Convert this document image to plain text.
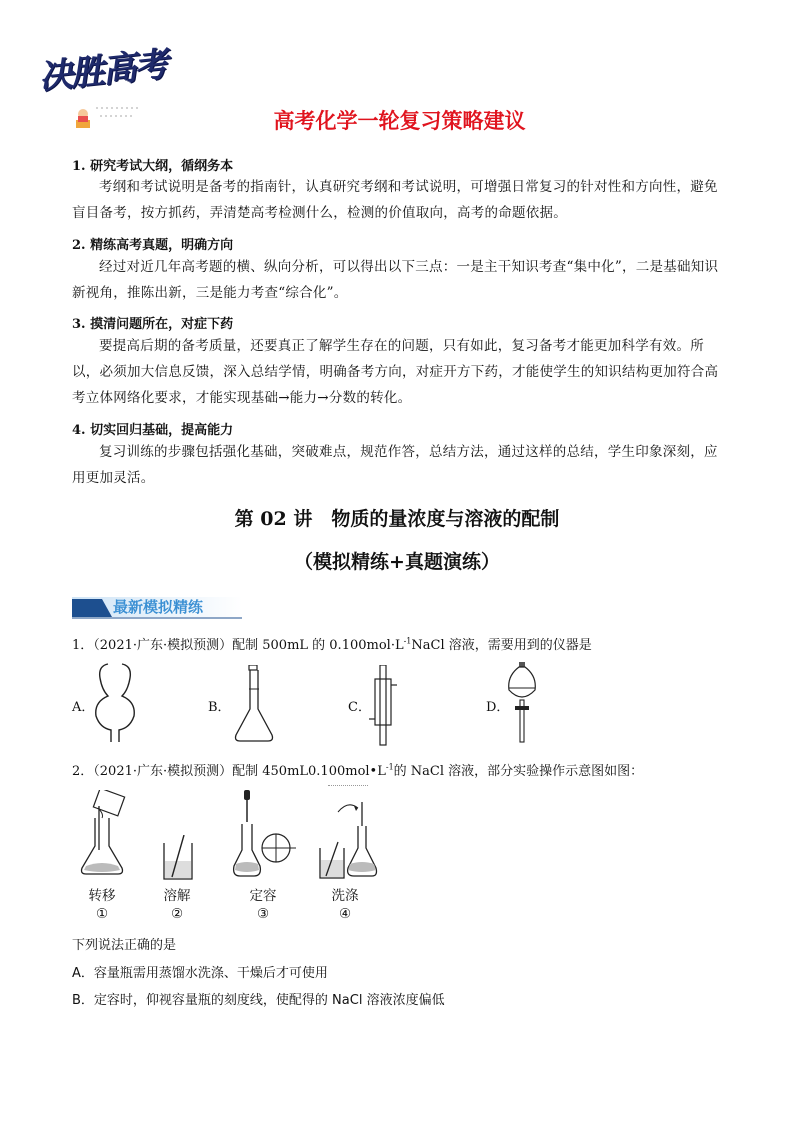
决胜高考
高考化学一轮复习策略建议
1. 研究考试大纲，循纲务本
考纲和考试说明是备考的指南针，认真研究考纲和考试说明，可增强日常复习的针对性和方向性，避免盲目备考，按方抓药，弄清楚高考检测什么，检测的价值取向，高考的命题依据。
2. 精练高考真题，明确方向
经过对近几年高考题的横、纵向分析，可以得出以下三点：一是主干知识考查“集中化”，二是基础知识新视角，推陈出新，三是能力考查“综合化”。
3. 摸清问题所在，对症下药
要提高后期的备考质量，还要真正了解学生存在的问题，只有如此，复习备考才能更加科学有效。所以，必须加大信息反馈，深入总结学情，明确备考方向，对症开方下药，才能使学生的知识结构更加符合高考立体网络化要求，才能实现基础→能力→分数的转化。
4. 切实回归基础，提高能力
复习训练的步骤包括强化基础，突破难点，规范作答，总结方法，通过这样的总结，学生印象深刻，应用更加灵活。
第 02 讲　物质的量浓度与溶液的配制
（模拟精练+真题演练）
最新模拟精练
1．（2021·广东·模拟预测）配制 500mL 的 $0.100mol\cdot L^{-1}NaCl$ 溶液，需要用到的仪器是
A．	B．	C．	D．
2．（2021·广东·模拟预测）配制 $450mL0.100mol•L^{-1}$的 NaCl 溶液，部分实验操作示意图如图：
转移
①
溶解
②
定容
③
洗涤
④
下列说法正确的是
A．容量瓶需用蒸馏水洗涤、干燥后才可使用
B．定容时，仰视容量瓶的刻度线，使配得的 NaCl 溶液浓度偏低
